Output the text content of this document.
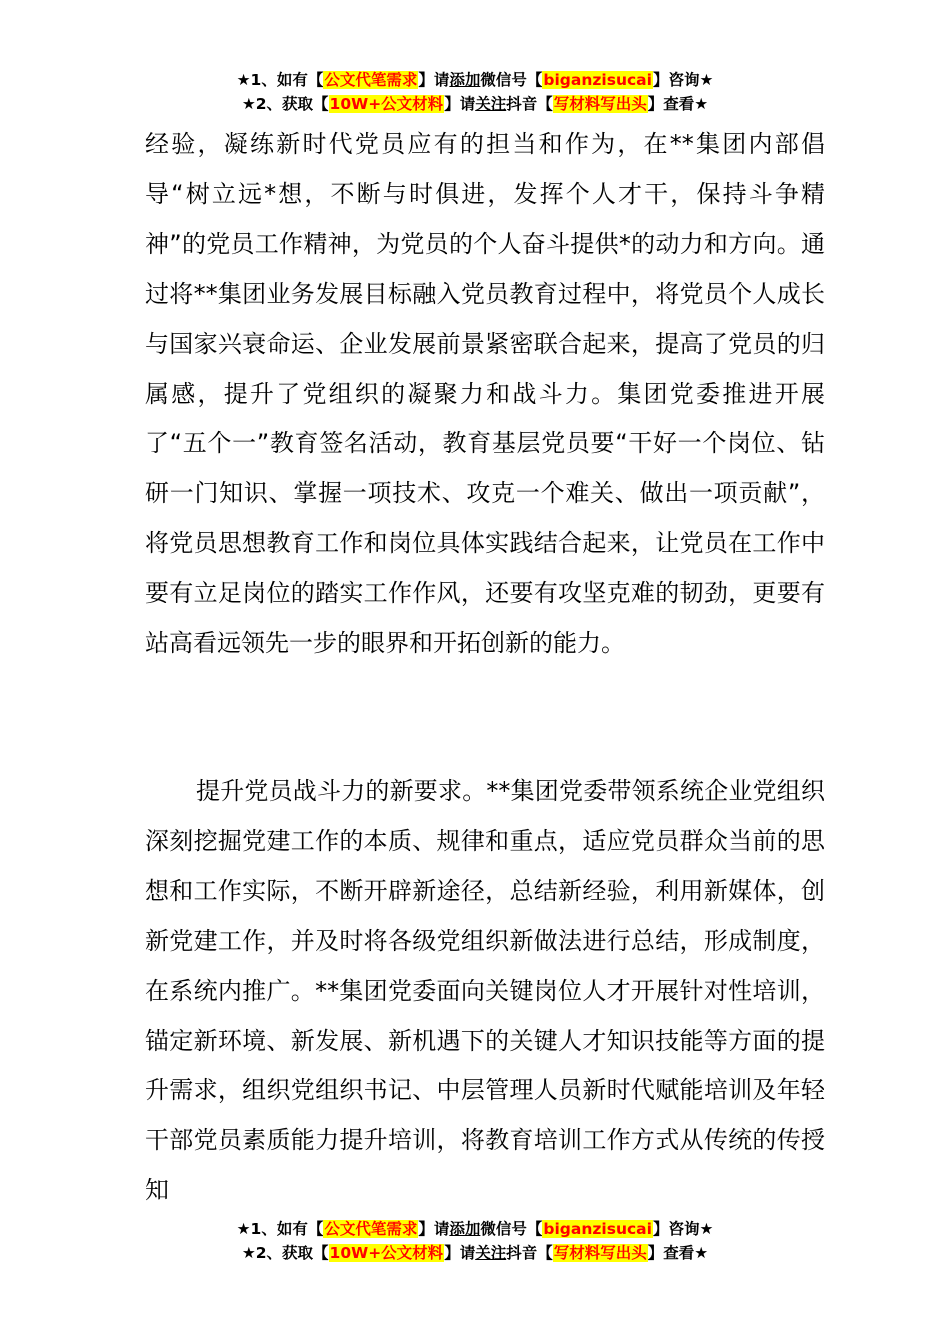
★1、如有【公文代笔需求】请添加微信号【biganzisucai】咨询★
★2、获取【10W+公文材料】请关注抖音【写材料写出头】查看★

经验，凝练新时代党员应有的担当和作为，在**集团内部倡导“树立远*想，不断与时俱进，发挥个人才干，保持斗争精神”的党员工作精神，为党员的个人奋斗提供*的动力和方向。通过将**集团业务发展目标融入党员教育过程中，将党员个人成长与国家兴衰命运、企业发展前景紧密联合起来，提高了党员的归属感，提升了党组织的凝聚力和战斗力。集团党委推进开展了“五个一”教育签名活动，教育基层党员要“干好一个岗位、钻研一门知识、掌握一项技术、攻克一个难关、做出一项贡献”，将党员思想教育工作和岗位具体实践结合起来，让党员在工作中要有立足岗位的踏实工作作风，还要有攻坚克难的韧劲，更要有站高看远领先一步的眼界和开拓创新的能力。

提升党员战斗力的新要求。**集团党委带领系统企业党组织深刻挖掘党建工作的本质、规律和重点，适应党员群众当前的思想和工作实际，不断开辟新途径，总结新经验，利用新媒体，创新党建工作，并及时将各级党组织新做法进行总结，形成制度，在系统内推广。**集团党委面向关键岗位人才开展针对性培训，锚定新环境、新发展、新机遇下的关键人才知识技能等方面的提升需求，组织党组织书记、中层管理人员新时代赋能培训及年轻干部党员素质能力提升培训，将教育培训工作方式从传统的传授知

★1、如有【公文代笔需求】请添加微信号【biganzisucai】咨询★
★2、获取【10W+公文材料】请关注抖音【写材料写出头】查看★
